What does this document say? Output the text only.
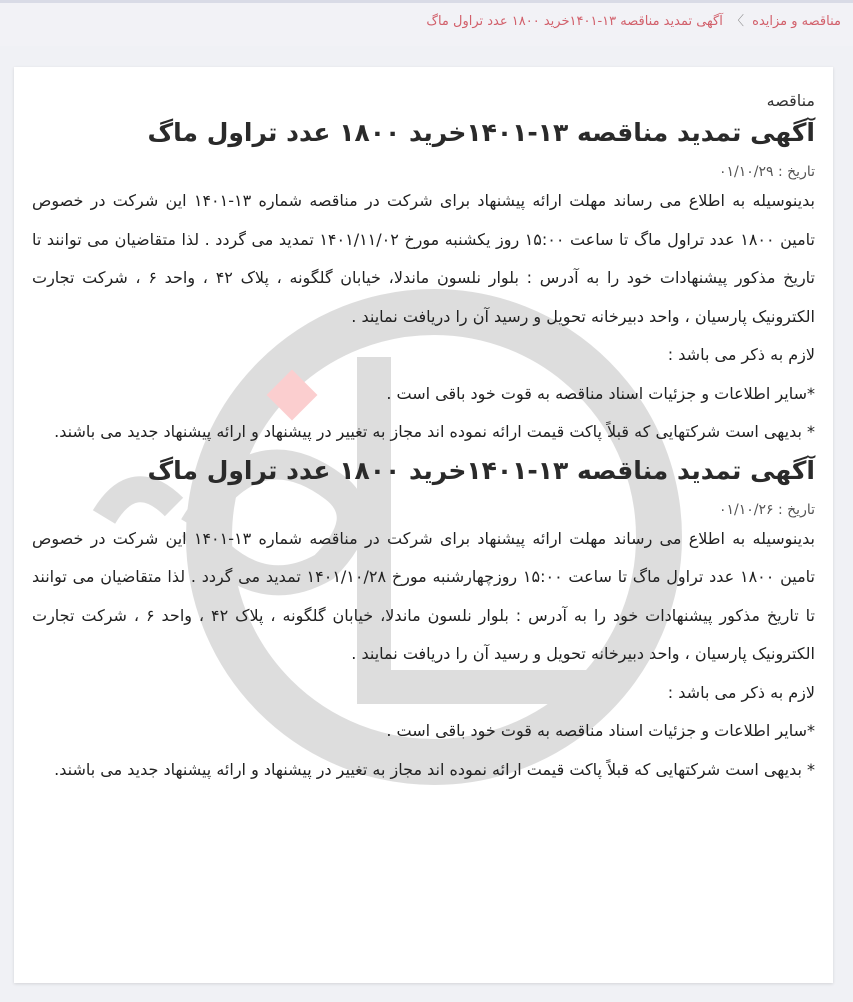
مناقصه و مزایده 〉 آگهی تمدید مناقصه ۱۳-۱۴۰۱خرید ۱۸۰۰ عدد تراول ماگ
مناقصه
آگهی تمدید مناقصه ۱۳-۱۴۰۱خرید ۱۸۰۰ عدد تراول ماگ
تاریخ : ۰۱/۱۰/۲۹

بدینوسیله به اطلاع می رساند مهلت ارائه پیشنهاد برای شرکت در مناقصه شماره ۱۳-۱۴۰۱ این شرکت در خصوص تامین ۱۸۰۰ عدد تراول ماگ تا ساعت ۱۵:۰۰ روز یکشنبه مورخ ۱۴۰۱/۱۱/۰۲ تمدید می گردد . لذا متقاضیان می توانند تا تاریخ مذکور پیشنهادات خود را به آدرس : بلوار نلسون ماندلا، خیابان گلگونه ، پلاک ۴۲ ، واحد ۶ ، شرکت تجارت الکترونیک پارسیان ، واحد دبیرخانه تحویل و رسید آن را دریافت نمایند .

لازم به ذکر می باشد :

*سایر اطلاعات و جزئیات اسناد مناقصه به قوت خود باقی است .

* بدیهی است شرکتهایی که قبلاً پاکت قیمت ارائه نموده اند مجاز به تغییر در پیشنهاد و ارائه پیشنهاد جدید می باشند.

آگهی تمدید مناقصه ۱۳-۱۴۰۱خرید ۱۸۰۰ عدد تراول ماگ
تاریخ : ۰۱/۱۰/۲۶

بدینوسیله به اطلاع می رساند مهلت ارائه پیشنهاد برای شرکت در مناقصه شماره ۱۳-۱۴۰۱ این شرکت در خصوص تامین ۱۸۰۰ عدد تراول ماگ تا ساعت ۱۵:۰۰ روزچهارشنبه مورخ ۱۴۰۱/۱۰/۲۸ تمدید می گردد . لذا متقاضیان می توانند تا تاریخ مذکور پیشنهادات خود را به آدرس : بلوار نلسون ماندلا، خیابان گلگونه ، پلاک ۴۲ ، واحد ۶ ، شرکت تجارت الکترونیک پارسیان ، واحد دبیرخانه تحویل و رسید آن را دریافت نمایند .

لازم به ذکر می باشد :

*سایر اطلاعات و جزئیات اسناد مناقصه به قوت خود باقی است .

* بدیهی است شرکتهایی که قبلاً پاکت قیمت ارائه نموده اند مجاز به تغییر در پیشنهاد و ارائه پیشنهاد جدید می باشند.
